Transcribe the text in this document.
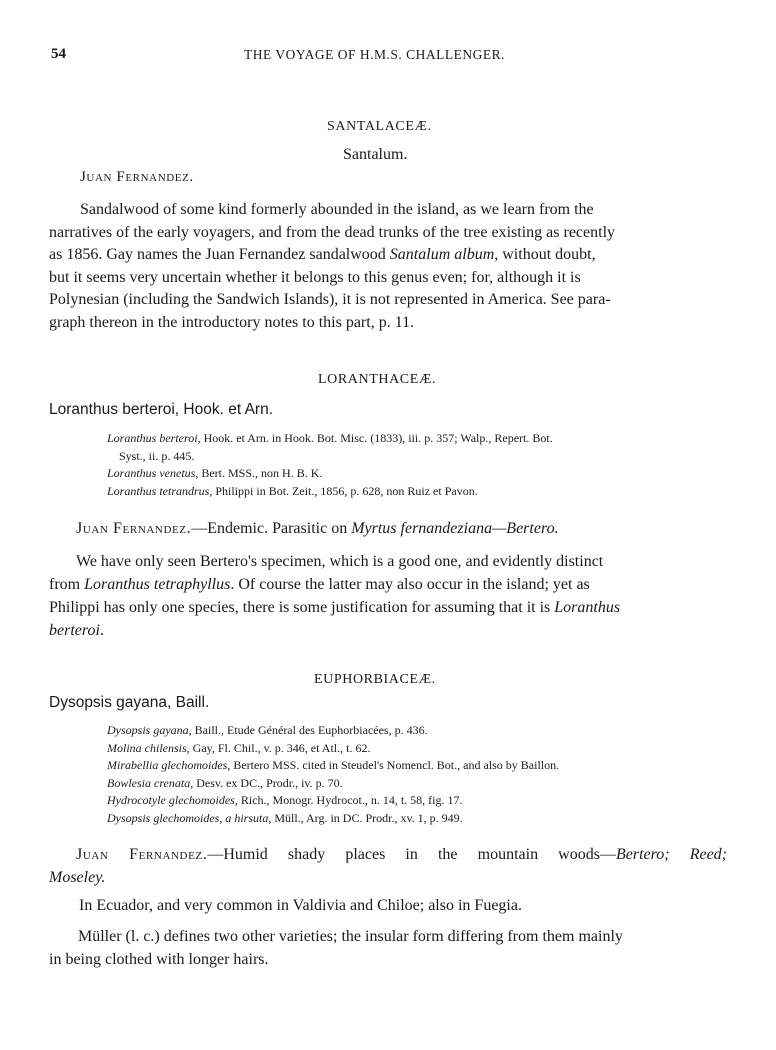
54	THE VOYAGE OF H.M.S. CHALLENGER.
SANTALACEÆ.
Santalum.
Juan Fernandez.
Sandalwood of some kind formerly abounded in the island, as we learn from the
narratives of the early voyagers, and from the dead trunks of the tree existing as recently
as 1856. Gay names the Juan Fernandez sandalwood Santalum album, without doubt,
but it seems very uncertain whether it belongs to this genus even; for, although it is
Polynesian (including the Sandwich Islands), it is not represented in America. See para-
graph thereon in the introductory notes to this part, p. 11.
LORANTHACEÆ.
Loranthus berteroi, Hook. et Arn.
Loranthus berteroi, Hook. et Arn. in Hook. Bot. Misc. (1833), iii. p. 357; Walp., Repert. Bot.
Syst., ii. p. 445.
Loranthus venetus, Bert. MSS., non H. B. K.
Loranthus tetrandrus, Philippi in Bot. Zeit., 1856, p. 628, non Ruiz et Pavon.
Juan Fernandez.—Endemic. Parasitic on Myrtus fernandeziana—Bertero.
We have only seen Bertero's specimen, which is a good one, and evidently distinct
from Loranthus tetraphyllus. Of course the latter may also occur in the island; yet as
Philippi has only one species, there is some justification for assuming that it is Loranthus
berteroi.
EUPHORBIACEÆ.
Dysopsis gayana, Baill.
Dysopsis gayana, Baill., Etude Général des Euphorbiacées, p. 436.
Molina chilensis, Gay, Fl. Chil., v. p. 346, et Atl., t. 62.
Mirabellia glechomoides, Bertero MSS. cited in Steudel's Nomencl. Bot., and also by Baillon.
Bowlesia crenata, Desv. ex DC., Prodr., iv. p. 70.
Hydrocotyle glechomoides, Rich., Monogr. Hydrocot., n. 14, t. 58, fig. 17.
Dysopsis glechomoides, a hirsuta, Müll., Arg. in DC. Prodr., xv. 1, p. 949.
Juan Fernandez.—Humid shady places in the mountain woods—Bertero; Reed;
Moseley.
In Ecuador, and very common in Valdivia and Chiloe; also in Fuegia.
Müller (l. c.) defines two other varieties; the insular form differing from them mainly
in being clothed with longer hairs.
